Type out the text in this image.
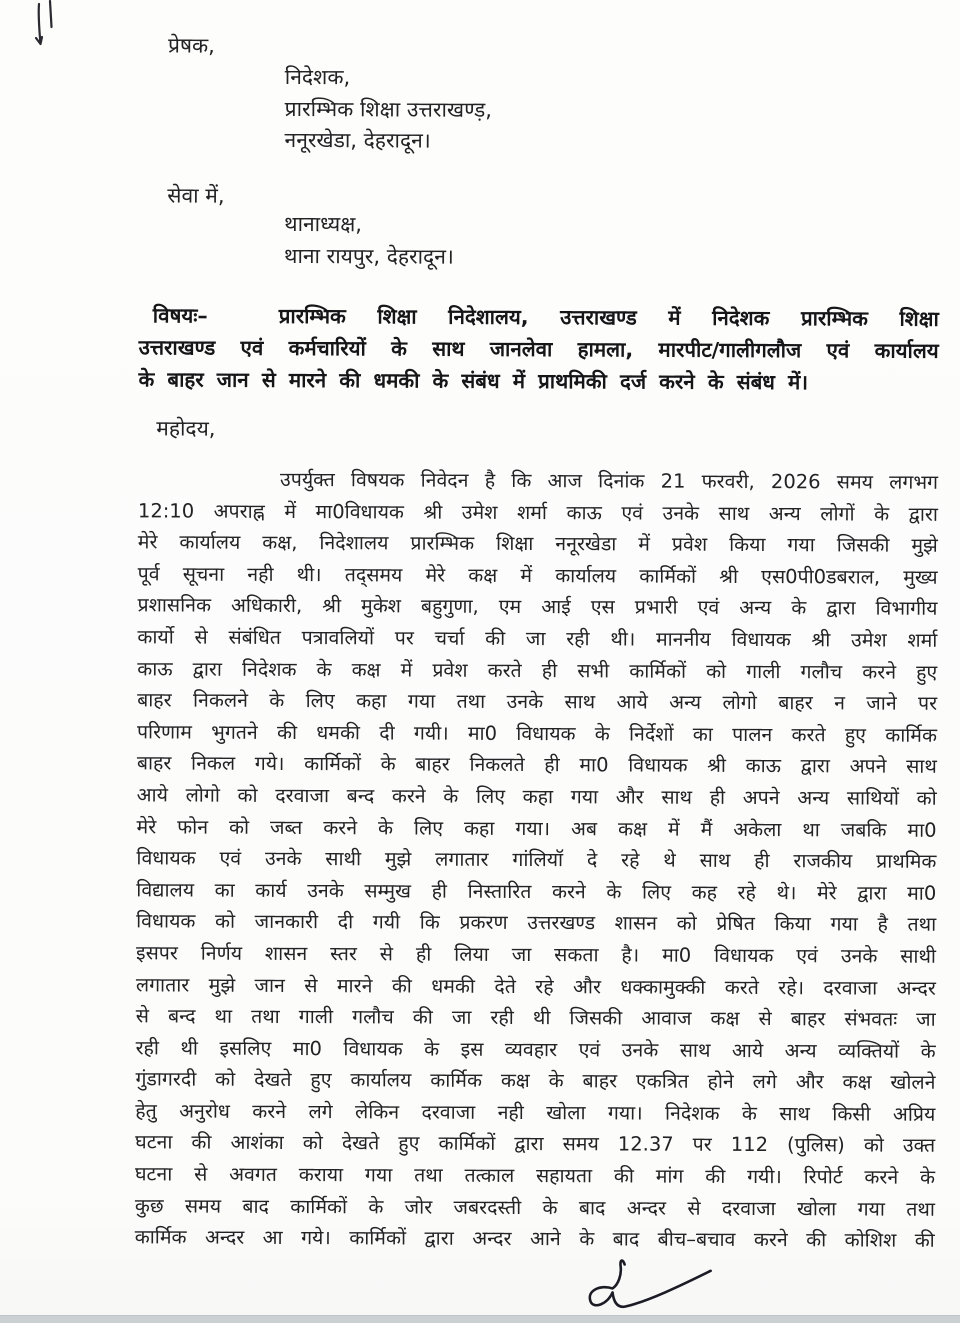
प्रेषक,
निदेशक,
प्रारम्भिक शिक्षा उत्तराखण्ड़,
ननूरखेडा, देहरादून।
सेवा में,
थानाध्यक्ष,
थाना रायपुर, देहरादून।
विषयः–	प्रारम्भिक शिक्षा निदेशालय, उत्तराखण्ड में निदेशक प्रारम्भिक शिक्षा
उत्तराखण्ड एवं कर्मचारियों के साथ जानलेवा हामला, मारपीट/गालीगलौज एवं कार्यालय
के बाहर जान से मारने की धमकी के संबंध में प्राथमिकी दर्ज करने के संबंध में।
महोदय,
उपर्युक्त विषयक निवेदन है कि आज दिनांक 21 फरवरी, 2026 समय लगभग
12:10 अपराह्न में मा0विधायक श्री उमेश शर्मा काऊ एवं उनके साथ अन्य लोगों के द्वारा
मेरे कार्यालय कक्ष, निदेशालय प्रारम्भिक शिक्षा ननूरखेडा में प्रवेश किया गया जिसकी मुझे
पूर्व सूचना नही थी। तद्समय मेरे कक्ष में कार्यालय कार्मिकों श्री एस0पी0डबराल, मुख्य
प्रशासनिक अधिकारी, श्री मुकेश बहुगुणा, एम आई एस प्रभारी एवं अन्य के द्वारा विभागीय
कार्यो से संबंधित पत्रावलियों पर चर्चा की जा रही थी। माननीय विधायक श्री उमेश शर्मा
काऊ द्वारा निदेशक के कक्ष में प्रवेश करते ही सभी कार्मिकों को गाली गलौच करने हुए
बाहर निकलने के लिए कहा गया तथा उनके साथ आये अन्य लोगो बाहर न जाने पर
परिणाम भुगतने की धमकी दी गयी। मा0 विधायक के निर्देशों का पालन करते हुए कार्मिक
बाहर निकल गये। कार्मिकों के बाहर निकलते ही मा0 विधायक श्री काऊ द्वारा अपने साथ
आये लोगो को दरवाजा बन्द करने के लिए कहा गया और साथ ही अपने अन्य साथियों को
मेरे फोन को जब्त करने के लिए कहा गया। अब कक्ष में मैं अकेला था जबकि मा0
विधायक एवं उनके साथी मुझे लगातार गांलियॉ दे रहे थे साथ ही राजकीय प्राथमिक
विद्यालय का कार्य उनके सम्मुख ही निस्तारित करने के लिए कह रहे थे। मेरे द्वारा मा0
विधायक को जानकारी दी गयी कि प्रकरण उत्तरखण्ड शासन को प्रेषित किया गया है तथा
इसपर निर्णय शासन स्तर से ही लिया जा सकता है। मा0 विधायक एवं उनके साथी
लगातार मुझे जान से मारने की धमकी देते रहे और धक्कामुक्की करते रहे। दरवाजा अन्दर
से बन्द था तथा गाली गलौच की जा रही थी जिसकी आवाज कक्ष से बाहर संभवतः जा
रही थी इसलिए मा0 विधायक के इस व्यवहार एवं उनके साथ आये अन्य व्यक्तियों के
गुंडागरदी को देखते हुए कार्यालय कार्मिक कक्ष के बाहर एकत्रित होने लगे और कक्ष खोलने
हेतु अनुरोध करने लगे लेकिन दरवाजा नही खोला गया। निदेशक के साथ किसी अप्रिय
घटना की आशंका को देखते हुए कार्मिकों द्वारा समय 12.37 पर 112 (पुलिस) को उक्त
घटना से अवगत कराया गया तथा तत्काल सहायता की मांग की गयी। रिपोर्ट करने के
कुछ समय बाद कार्मिकों के जोर जबरदस्ती के बाद अन्दर से दरवाजा खोला गया तथा
कार्मिक अन्दर आ गये। कार्मिकों द्वारा अन्दर आने के बाद बीच–बचाव करने की कोशिश की
